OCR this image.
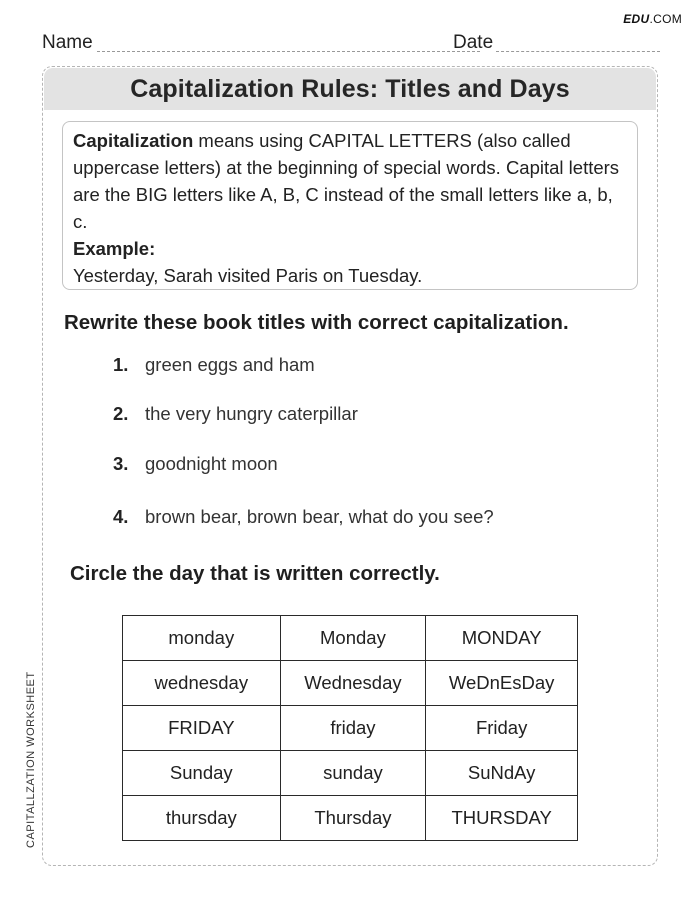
EDU.COM
Name	Date
Capitalization Rules: Titles and Days
Capitalization means using CAPITAL LETTERS (also called uppercase letters) at the beginning of special words. Capital letters are the BIG letters like A, B, C instead of the small letters like a, b, c.
Example:
Yesterday, Sarah visited Paris on Tuesday.
Rewrite these book titles with correct capitalization.
1. green eggs and ham
2. the very hungry caterpillar
3. goodnight moon
4. brown bear, brown bear, what do you see?
Circle the day that is written correctly.
monday	Monday	MONDAY
wednesday	Wednesday	WeDnEsDay
FRIDAY	friday	Friday
Sunday	sunday	SuNdAy
thursday	Thursday	THURSDAY
CAPITALLZATION WORKSHEET
